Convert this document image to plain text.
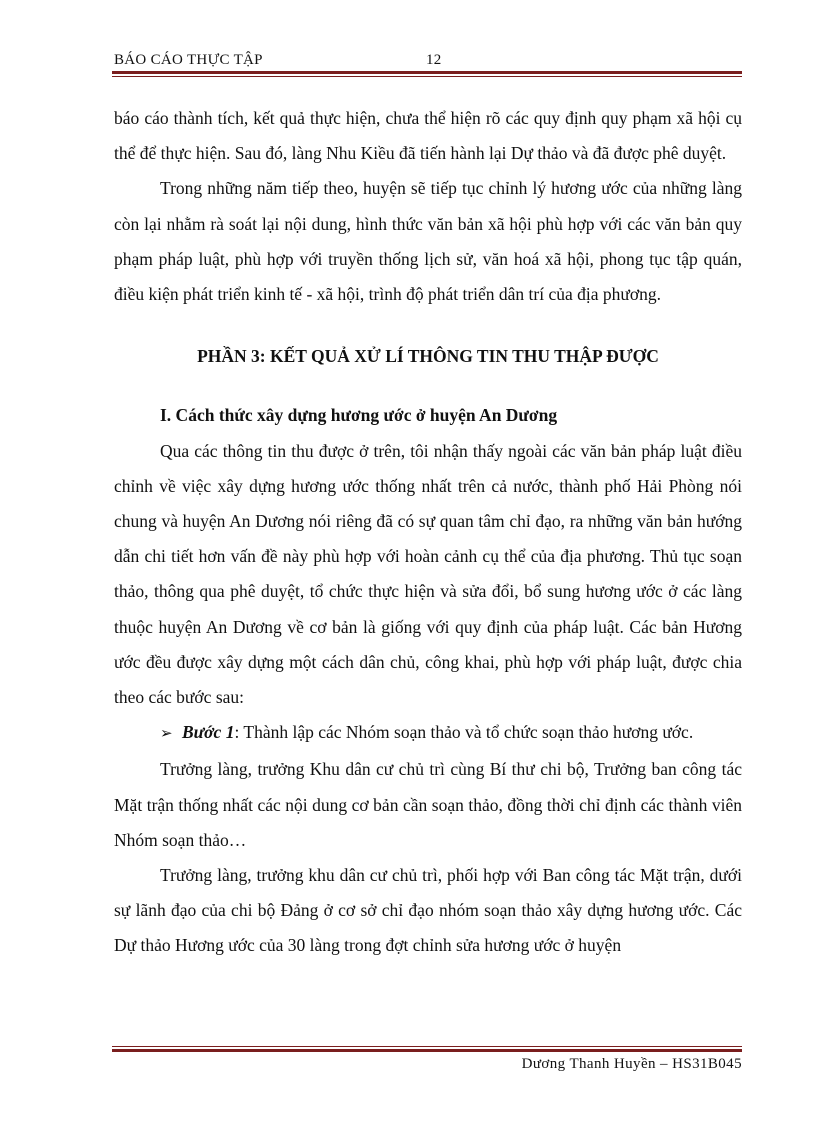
BÁO CÁO THỰC TẬP	12

báo cáo thành tích, kết quả thực hiện, chưa thể hiện rõ các quy định quy phạm xã hội cụ thể để thực hiện. Sau đó, làng Nhu Kiều đã tiến hành lại Dự thảo và đã được phê duyệt.

Trong những năm tiếp theo, huyện sẽ tiếp tục chỉnh lý hương ước của những làng còn lại nhằm rà soát lại nội dung, hình thức văn bản xã hội phù hợp với các văn bản quy phạm pháp luật, phù hợp với truyền thống lịch sử, văn hoá xã hội, phong tục tập quán, điều kiện phát triển kinh tế - xã hội, trình độ phát triển dân trí của địa phương.

PHẦN 3: KẾT QUẢ XỬ LÍ THÔNG TIN THU THẬP ĐƯỢC

I. Cách thức xây dựng hương ước ở huyện An Dương

Qua các thông tin thu được ở trên, tôi nhận thấy ngoài các văn bản pháp luật điều chỉnh về việc xây dựng hương ước thống nhất trên cả nước, thành phố Hải Phòng nói chung và huyện An Dương nói riêng đã có sự quan tâm chỉ đạo, ra những văn bản hướng dẫn chi tiết hơn vấn đề này phù hợp với hoàn cảnh cụ thể của địa phương. Thủ tục soạn thảo, thông qua phê duyệt, tổ chức thực hiện và sửa đổi, bổ sung hương ước ở các làng thuộc huyện An Dương về cơ bản là giống với quy định của pháp luật. Các bản Hương ước đều được xây dựng một cách dân chủ, công khai, phù hợp với pháp luật, được chia theo các bước sau:

➢ Bước 1: Thành lập các Nhóm soạn thảo và tổ chức soạn thảo hương ước.

Trưởng làng, trưởng Khu dân cư chủ trì cùng Bí thư chi bộ, Trưởng ban công tác Mặt trận thống nhất các nội dung cơ bản cần soạn thảo, đồng thời chỉ định các thành viên Nhóm soạn thảo…

Trưởng làng, trưởng khu dân cư chủ trì, phối hợp với Ban công tác Mặt trận, dưới sự lãnh đạo của chi bộ Đảng ở cơ sở chỉ đạo nhóm soạn thảo xây dựng hương ước. Các Dự thảo Hương ước của 30 làng trong đợt chỉnh sửa hương ước ở huyện

Dương Thanh Huyền – HS31B045
